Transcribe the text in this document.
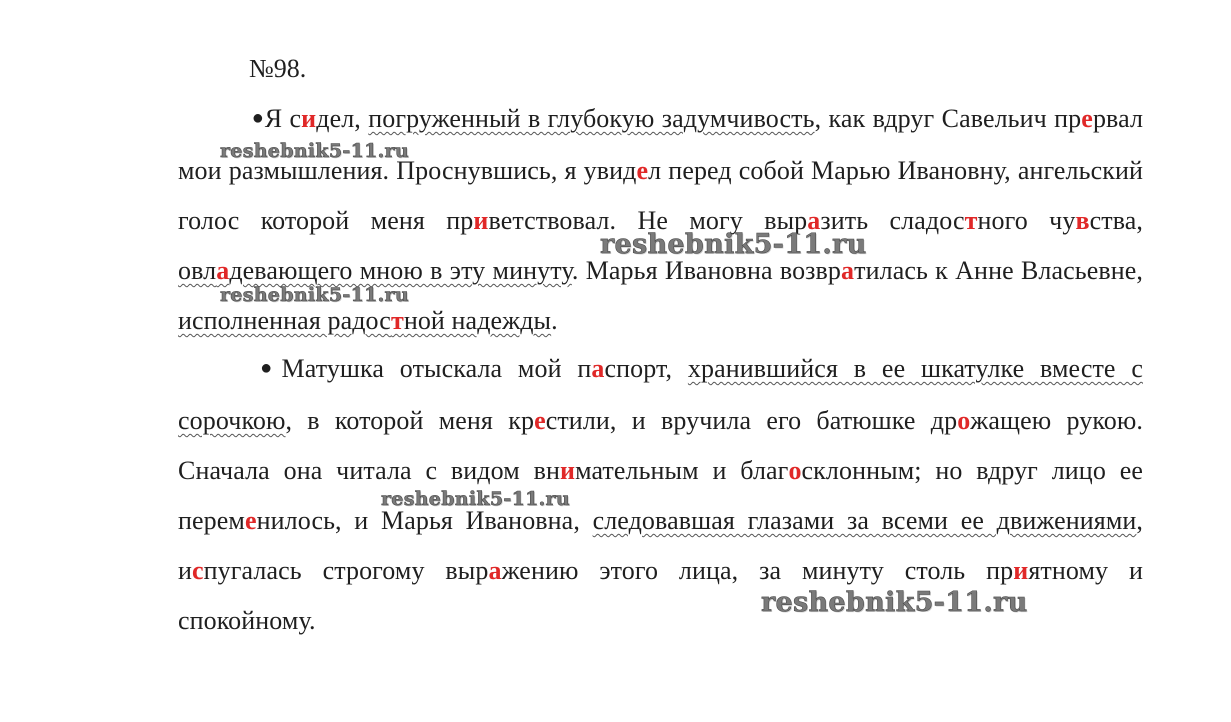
№98.
●Я сидел, погруженный в глубокую задумчивость, как вдруг Савельич прервал мои размышления. Проснувшись, я увидел перед собой Марью Ивановну, ангельский голос которой меня приветствовал. Не могу выразить сладостного чувства, овладевающего мною в эту минуту. Марья Ивановна возвратилась к Анне Власьевне, исполненная радостной надежды.
●Матушка отыскала мой паспорт, хранившийся в ее шкатулке вместе с сорочкою, в которой меня крестили, и вручила его батюшке дрожащею рукою. Сначала она читала с видом внимательным и благосклонным; но вдруг лицо ее переменилось, и Марья Ивановна, следовавшая глазами за всеми ее движениями, испугалась строгому выражению этого лица, за минуту столь приятному и спокойному.
reshebnik5-11.ru
reshebnik5-11.ru
reshebnik5-11.ru
reshebnik5-11.ru
reshebnik5-11.ru
